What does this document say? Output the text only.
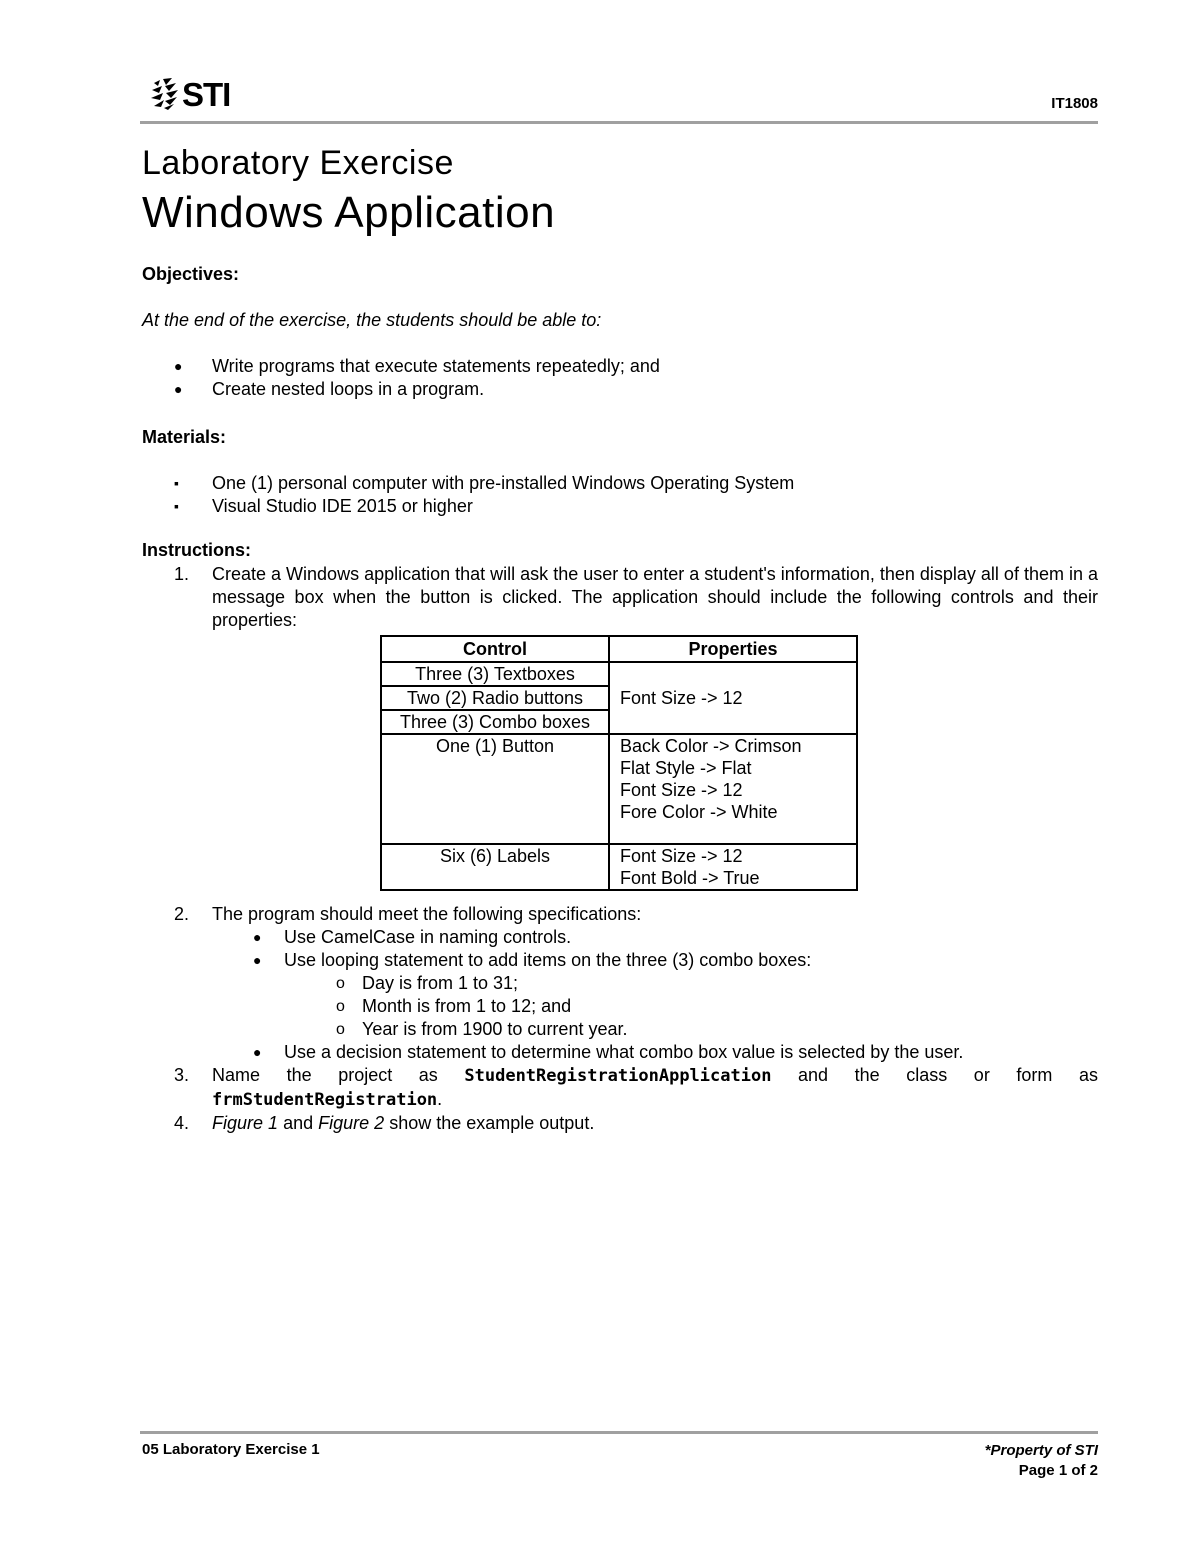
STI	IT1808
Laboratory Exercise
Windows Application
Objectives:
At the end of the exercise, the students should be able to:
● Write programs that execute statements repeatedly; and
● Create nested loops in a program.
Materials:
▪ One (1) personal computer with pre-installed Windows Operating System
▪ Visual Studio IDE 2015 or higher
Instructions:
1. Create a Windows application that will ask the user to enter a student's information, then display all of them in a message box when the button is clicked. The application should include the following controls and their properties:
Control	Properties
Three (3) Textboxes	Font Size -> 12
Two (2) Radio buttons	
Three (3) Combo boxes	
One (1) Button	Back Color -> Crimson
Flat Style -> Flat
Font Size -> 12
Fore Color -> White

Six (6) Labels	Font Size -> 12
Font Bold -> True
2. The program should meet the following specifications:
● Use CamelCase in naming controls.
● Use looping statement to add items on the three (3) combo boxes:
o Day is from 1 to 31;
o Month is from 1 to 12; and
o Year is from 1900 to current year.
● Use a decision statement to determine what combo box value is selected by the user.
3. Name the project as StudentRegistrationApplication and the class or form as
frmStudentRegistration.
4. Figure 1 and Figure 2 show the example output.
05 Laboratory Exercise 1	*Property of STI
Page 1 of 2
